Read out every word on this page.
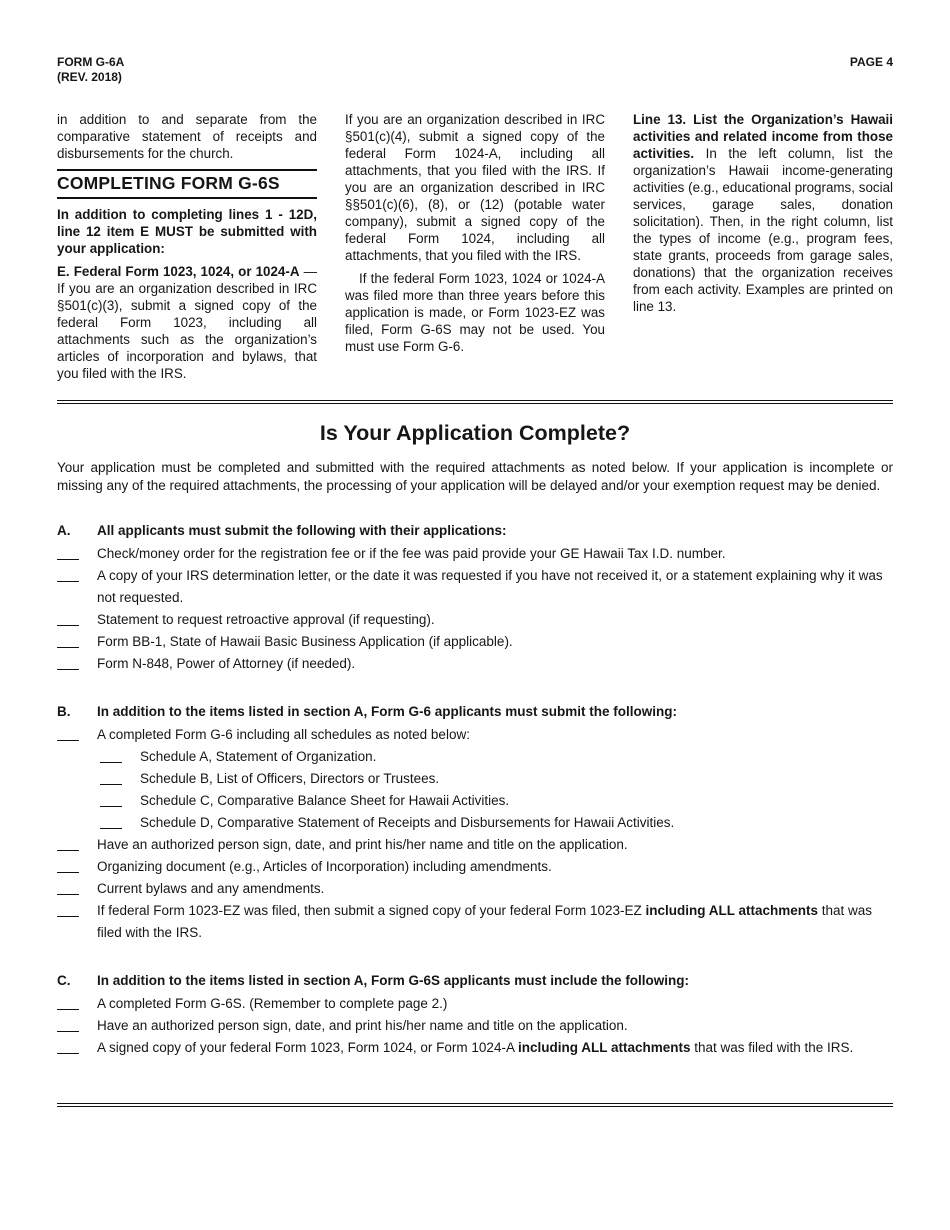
FORM G-6A
(REV. 2018)
PAGE 4

in addition to and separate from the comparative statement of receipts and disbursements for the church.

COMPLETING FORM G-6S

In addition to completing lines 1 - 12D, line 12 item E MUST be submitted with your application:

E. Federal Form 1023, 1024, or 1024-A — If you are an organization described in IRC §501(c)(3), submit a signed copy of the federal Form 1023, including all attachments such as the organization’s articles of incorporation and bylaws, that you filed with the IRS.

If you are an organization described in IRC §501(c)(4), submit a signed copy of the federal Form 1024-A, including all attachments, that you filed with the IRS. If you are an organization described in IRC §§501(c)(6), (8), or (12) (potable water company), submit a signed copy of the federal Form 1024, including all attachments, that you filed with the IRS.

If the federal Form 1023, 1024 or 1024-A was filed more than three years before this application is made, or Form 1023-EZ was filed, Form G-6S may not be used. You must use Form G-6.

Line 13. List the Organization’s Hawaii activities and related income from those activities. In the left column, list the organization’s Hawaii income-generating activities (e.g., educational programs, social services, garage sales, donation solicitation). Then, in the right column, list the types of income (e.g., program fees, state grants, proceeds from garage sales, donations) that the organization receives from each activity. Examples are printed on line 13.

Is Your Application Complete?

Your application must be completed and submitted with the required attachments as noted below. If your application is incomplete or missing any of the required attachments, the processing of your application will be delayed and/or your exemption request may be denied.

A.	All applicants must submit the following with their applications:
Check/money order for the registration fee or if the fee was paid provide your GE Hawaii Tax I.D. number.
A copy of your IRS determination letter, or the date it was requested if you have not received it, or a statement explaining why it was not requested.
Statement to request retroactive approval (if requesting).
Form BB-1, State of Hawaii Basic Business Application (if applicable).
Form N-848, Power of Attorney (if needed).
B.	In addition to the items listed in section A, Form G-6 applicants must submit the following:
A completed Form G-6 including all schedules as noted below:
Schedule A, Statement of Organization.
Schedule B, List of Officers, Directors or Trustees.
Schedule C, Comparative Balance Sheet for Hawaii Activities.
Schedule D, Comparative Statement of Receipts and Disbursements for Hawaii Activities.
Have an authorized person sign, date, and print his/her name and title on the application.
Organizing document (e.g., Articles of Incorporation) including amendments.
Current bylaws and any amendments.
If federal Form 1023-EZ was filed, then submit a signed copy of your federal Form 1023-EZ including ALL attachments that was filed with the IRS.
C.	In addition to the items listed in section A, Form G-6S applicants must include the following:
A completed Form G-6S. (Remember to complete page 2.)
Have an authorized person sign, date, and print his/her name and title on the application.
A signed copy of your federal Form 1023, Form 1024, or Form 1024-A including ALL attachments that was filed with the IRS.
